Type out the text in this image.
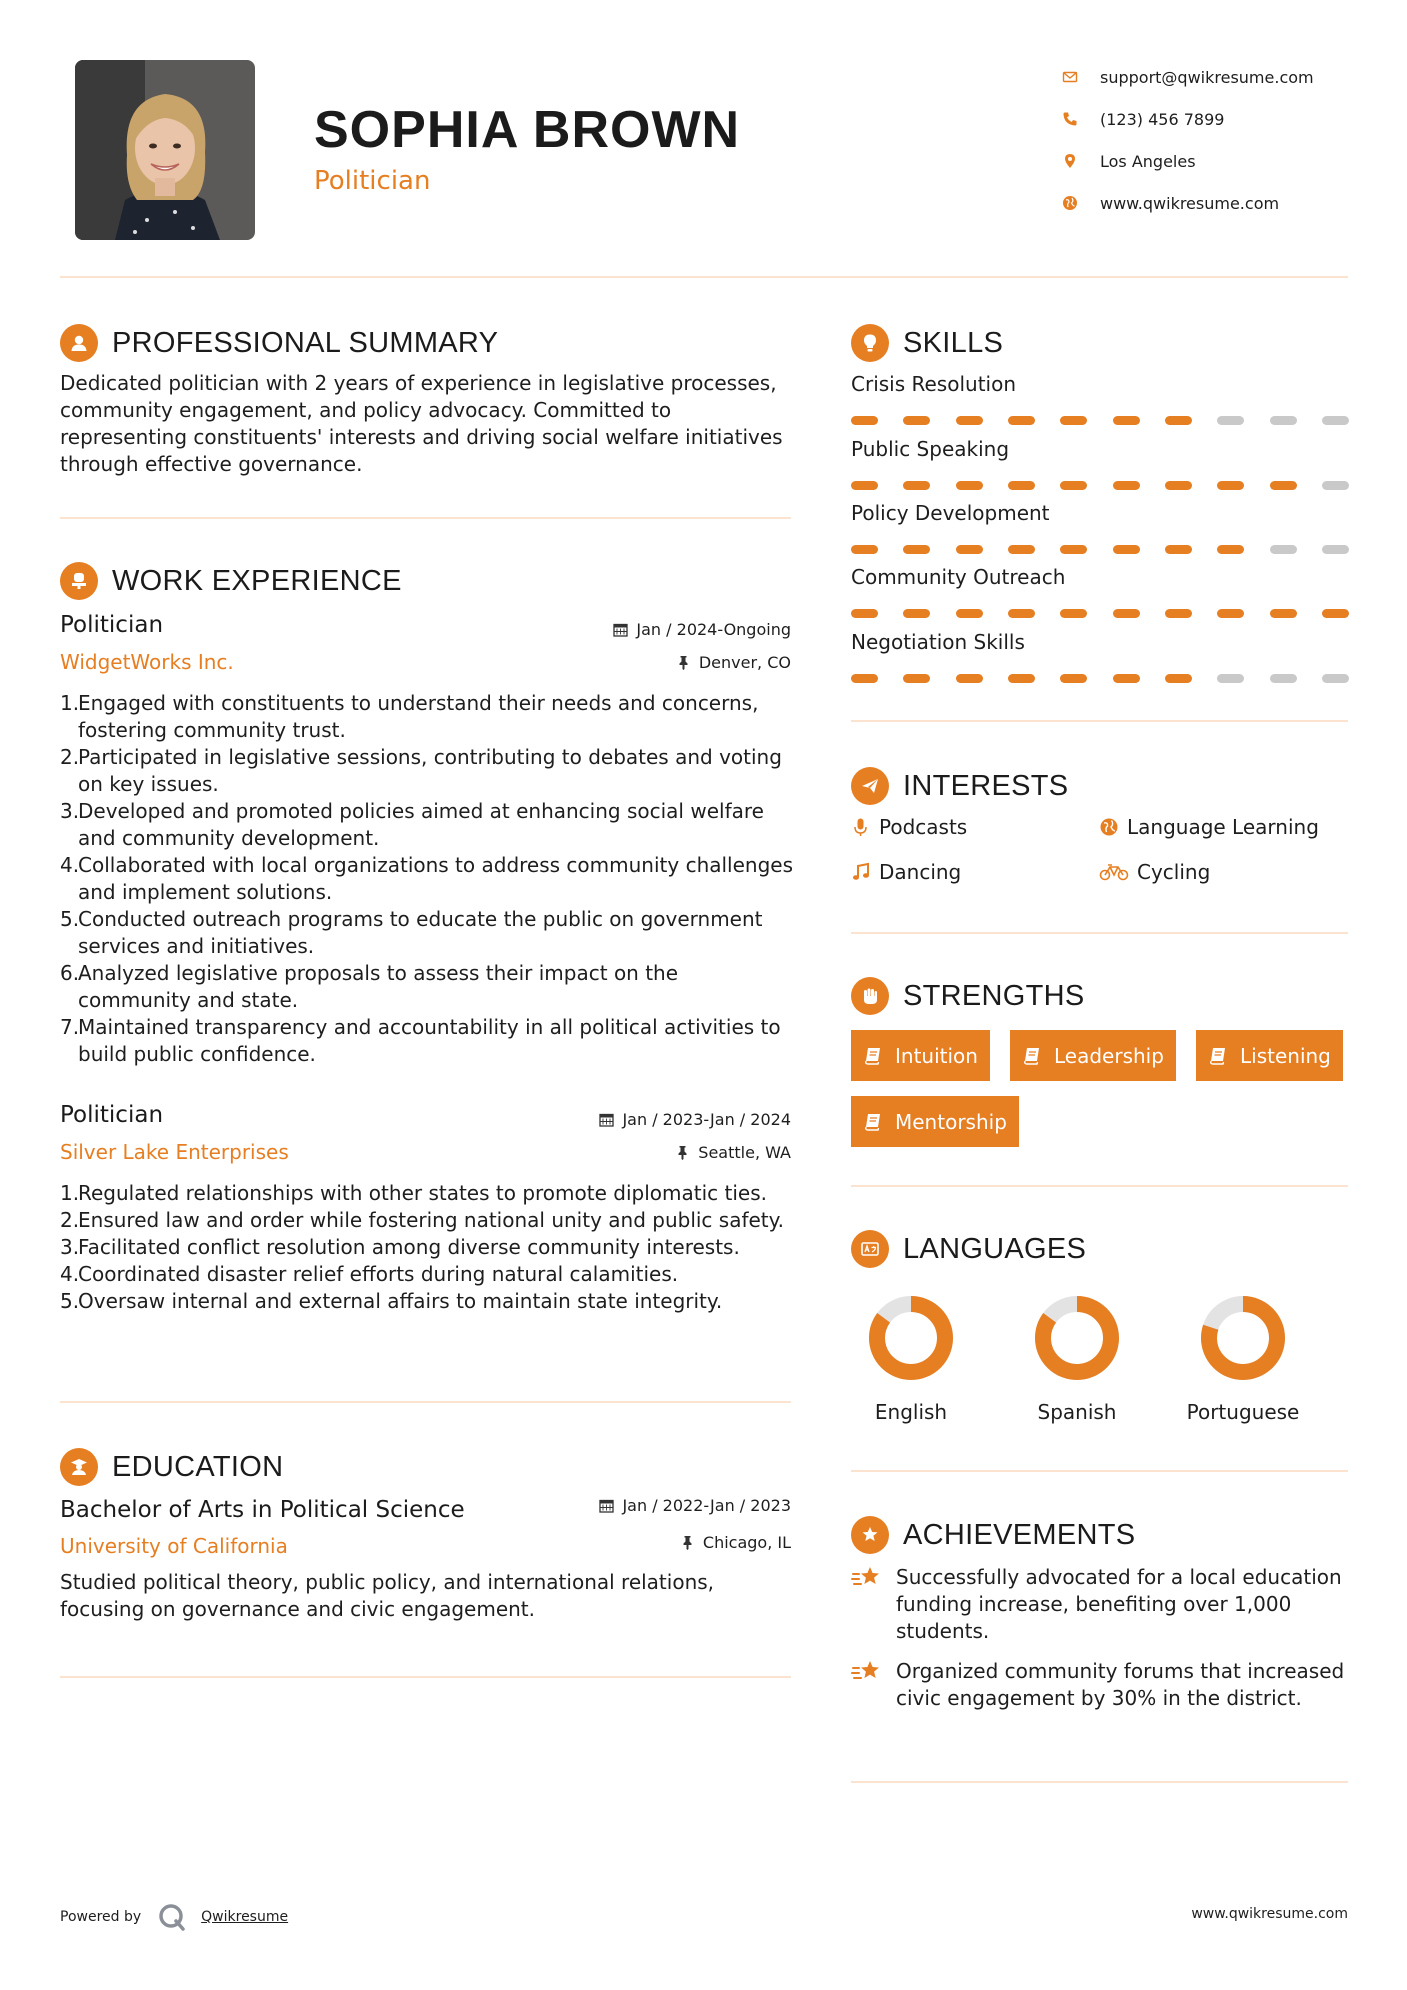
SOPHIA BROWN
Politician
support@qwikresume.com
(123) 456 7899
Los Angeles
www.qwikresume.com
PROFESSIONAL SUMMARY
Dedicated politician with 2 years of experience in legislative processes, community engagement, and policy advocacy. Committed to representing constituents' interests and driving social welfare initiatives through effective governance.
WORK EXPERIENCE
Politician	Jan / 2024-Ongoing
WidgetWorks Inc.	Denver, CO
1.
Engaged with constituents to understand their needs and concerns, fostering community trust.
2.
Participated in legislative sessions, contributing to debates and voting on key issues.
3.
Developed and promoted policies aimed at enhancing social welfare and community development.
4.
Collaborated with local organizations to address community challenges and implement solutions.
5.
Conducted outreach programs to educate the public on government services and initiatives.
6.
Analyzed legislative proposals to assess their impact on the community and state.
7.
Maintained transparency and accountability in all political activities to build public confidence.
Politician	Jan / 2023-Jan / 2024
Silver Lake Enterprises	Seattle, WA
1.
Regulated relationships with other states to promote diplomatic ties.
2.
Ensured law and order while fostering national unity and public safety.
3.
Facilitated conflict resolution among diverse community interests.
4.
Coordinated disaster relief efforts during natural calamities.
5.
Oversaw internal and external affairs to maintain state integrity.
EDUCATION
Bachelor of Arts in Political Science	Jan / 2022-Jan / 2023
University of California	Chicago, IL
Studied political theory, public policy, and international relations, focusing on governance and civic engagement.
SKILLS
Crisis Resolution
Public Speaking
Policy Development
Community Outreach
Negotiation Skills
INTERESTS
Podcasts	Language Learning
Dancing	Cycling
STRENGTHS
Intuition	Leadership	Listening
Mentorship
LANGUAGES
English	Spanish	Portuguese
ACHIEVEMENTS
Successfully advocated for a local education funding increase, benefiting over 1,000 students.
Organized community forums that increased civic engagement by 30% in the district.
Powered by	Qwikresume	www.qwikresume.com
